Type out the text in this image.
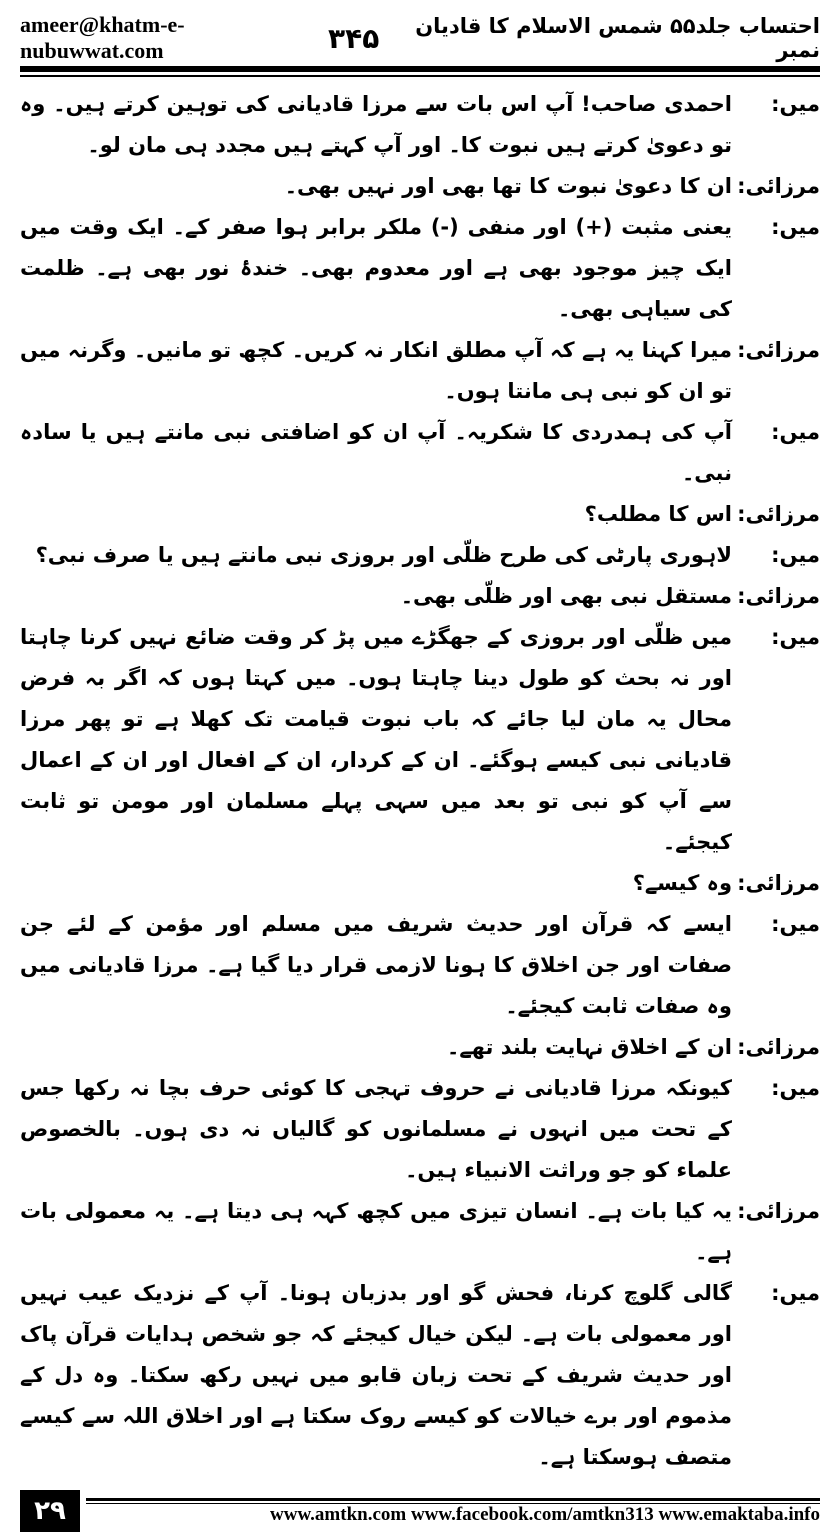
ameer@khatm-e-nubuwwat.com	۳۴۵	احتساب جلد۵۵ شمس الاسلام کا قادیان نمبر
میں:
احمدی صاحب! آپ اس بات سے مرزا قادیانی کی توہین کرتے ہیں۔ وہ تو دعویٰ کرتے ہیں نبوت کا۔ اور آپ کہتے ہیں مجدد ہی مان لو۔
مرزائی:
ان کا دعویٰ نبوت کا تھا بھی اور نہیں بھی۔
میں:
یعنی مثبت (+) اور منفی (-) ملکر برابر ہوا صفر کے۔ ایک وقت میں ایک چیز موجود بھی ہے اور معدوم بھی۔ خندۂ نور بھی ہے۔ ظلمت کی سیاہی بھی۔
مرزائی:
میرا کہنا یہ ہے کہ آپ مطلق انکار نہ کریں۔ کچھ تو مانیں۔ وگرنہ میں تو ان کو نبی ہی مانتا ہوں۔
میں:
آپ کی ہمدردی کا شکریہ۔ آپ ان کو اضافتی نبی مانتے ہیں یا سادہ نبی۔
مرزائی:
اس کا مطلب؟
میں:
لاہوری پارٹی کی طرح ظلّی اور بروزی نبی مانتے ہیں یا صرف نبی؟
مرزائی:
مستقل نبی بھی اور ظلّی بھی۔
میں:
میں ظلّی اور بروزی کے جھگڑے میں پڑ کر وقت ضائع نہیں کرنا چاہتا اور نہ بحث کو طول دینا چاہتا ہوں۔ میں کہتا ہوں کہ اگر بہ فرض محال یہ مان لیا جائے کہ باب نبوت قیامت تک کھلا ہے تو پھر مرزا قادیانی نبی کیسے ہوگئے۔ ان کے کردار، ان کے افعال اور ان کے اعمال سے آپ کو نبی تو بعد میں سہی پہلے مسلمان اور مومن تو ثابت کیجئے۔
مرزائی:
وہ کیسے؟
میں:
ایسے کہ قرآن اور حدیث شریف میں مسلم اور مؤمن کے لئے جن صفات اور جن اخلاق کا ہونا لازمی قرار دیا گیا ہے۔ مرزا قادیانی میں وہ صفات ثابت کیجئے۔
مرزائی:
ان کے اخلاق نہایت بلند تھے۔
میں:
کیونکہ مرزا قادیانی نے حروف تہجی کا کوئی حرف بچا نہ رکھا جس کے تحت میں انہوں نے مسلمانوں کو گالیاں نہ دی ہوں۔ بالخصوص علماء کو جو وراثت الانبیاء ہیں۔
مرزائی:
یہ کیا بات ہے۔ انسان تیزی میں کچھ کہہ ہی دیتا ہے۔ یہ معمولی بات ہے۔
میں:
گالی گلوچ کرنا، فحش گو اور بدزبان ہونا۔ آپ کے نزدیک عیب نہیں اور معمولی بات ہے۔ لیکن خیال کیجئے کہ جو شخص ہدایات قرآن پاک اور حدیث شریف کے تحت زبان قابو میں نہیں رکھ سکتا۔ وہ دل کے مذموم اور برے خیالات کو کیسے روک سکتا ہے اور اخلاق اللہ سے کیسے متصف ہوسکتا ہے۔
۲۹	www.amtkn.com www.facebook.com/amtkn313 www.emaktaba.info
